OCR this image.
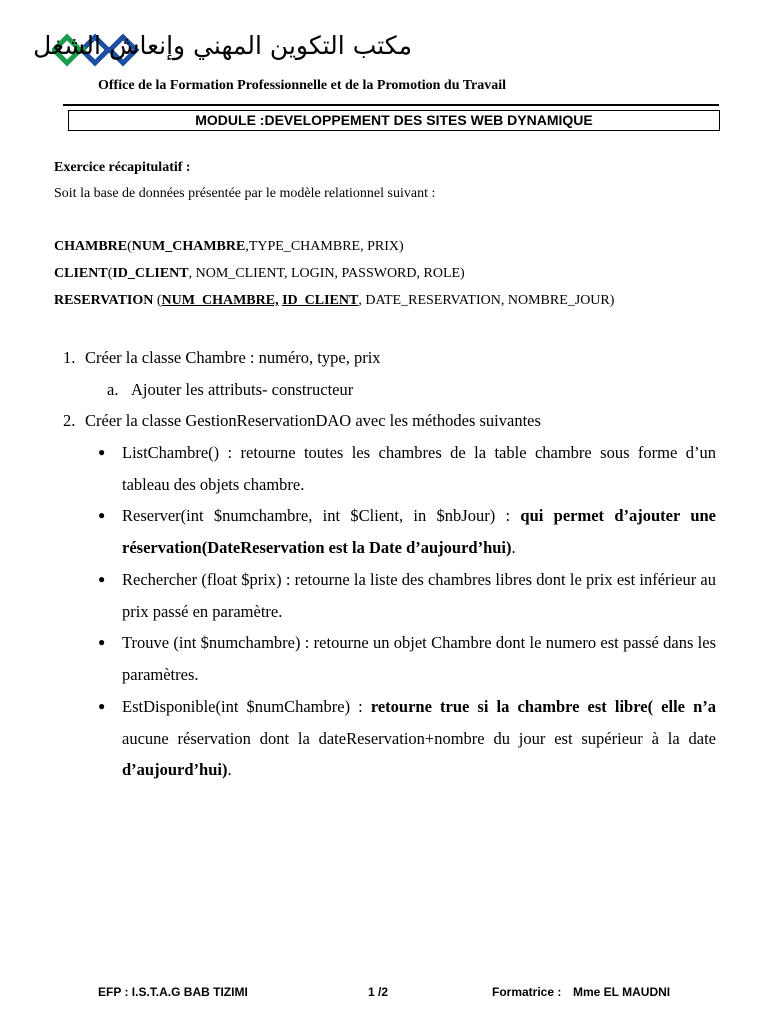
مكتب التكوين المهني وإنعاش الشغل
Office de la Formation Professionnelle et de la Promotion du Travail
MODULE :DEVELOPPEMENT DES SITES WEB DYNAMIQUE
Exercice récapitulatif :
Soit la base de données présentée par le modèle relationnel suivant :
CHAMBRE(NUM_CHAMBRE,TYPE_CHAMBRE, PRIX)
CLIENT(ID_CLIENT, NOM_CLIENT, LOGIN, PASSWORD, ROLE)
RESERVATION (NUM_CHAMBRE, ID_CLIENT, DATE_RESERVATION, NOMBRE_JOUR)
1. Créer la classe Chambre : numéro, type, prix
a. Ajouter les attributs- constructeur
2. Créer la classe GestionReservationDAO avec les méthodes suivantes
● ListChambre() : retourne toutes les chambres de la table chambre sous forme d’un tableau des objets chambre.
● Reserver(int $numchambre, int $Client, in $nbJour) : qui permet d’ajouter une réservation(DateReservation est la Date d’aujourd’hui).
● Rechercher (float $prix) : retourne la liste des chambres libres dont le prix est inférieur au prix passé en paramètre.
● Trouve (int $numchambre) : retourne un objet Chambre dont le numero est passé dans les paramètres.
● EstDisponible(int $numChambre) : retourne true si la chambre est libre( elle n’a aucune réservation dont la dateReservation+nombre du jour est supérieur à la date d’aujourd’hui).
EFP : I.S.T.A.G BAB TIZIMI	1 /2	Formatrice : Mme EL MAUDNI
